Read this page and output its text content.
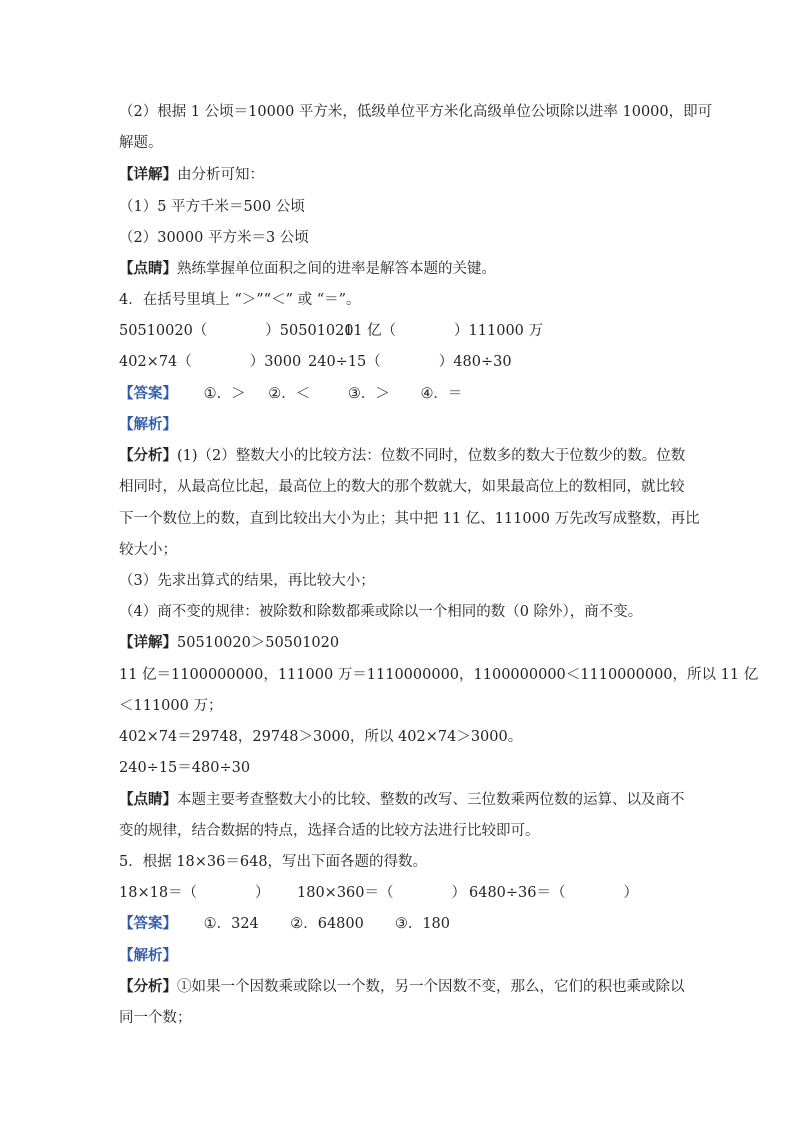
（2）根据 1 公顷＝10000 平方米，低级单位平方米化高级单位公顷除以进率 10000，即可
解题。
【详解】由分析可知：
（1）5 平方千米＝500 公顷
（2）30000 平方米＝3 公顷
【点睛】熟练掌握单位面积之间的进率是解答本题的关键。
4．在括号里填上 “＞”“＜” 或 “＝”。
50510020（　　　　）5050102011 亿（　　　　）111000 万
402×74（　　　　）3000 240÷15（　　　　）480÷30
【答案】 ①．＞ ②．＜	③．＞ ④．＝
【解析】
【分析】(1)（2）整数大小的比较方法：位数不同时，位数多的数大于位数少的数。位数
相同时，从最高位比起，最高位上的数大的那个数就大，如果最高位上的数相同，就比较
下一个数位上的数，直到比较出大小为止；其中把 11 亿、111000 万先改写成整数，再比
较大小；
（3）先求出算式的结果，再比较大小；
（4）商不变的规律：被除数和除数都乘或除以一个相同的数（0 除外），商不变。
【详解】50510020＞50501020
11 亿＝1100000000，111000 万＝1110000000，1100000000＜1110000000，所以 11 亿
＜111000 万；
402×74＝29748，29748＞3000，所以 402×74＞3000。
240÷15＝480÷30
【点睛】本题主要考查整数大小的比较、整数的改写、三位数乘两位数的运算、以及商不
变的规律，结合数据的特点，选择合适的比较方法进行比较即可。
5．根据 18×36＝648，写出下面各题的得数。
18×18＝（　　　　） 180×360＝（　　　　） 6480÷36＝（　　　　）
【答案】 ①．324 ②．64800 ③．180
【解析】
【分析】①如果一个因数乘或除以一个数，另一个因数不变，那么，它们的积也乘或除以
同一个数；
